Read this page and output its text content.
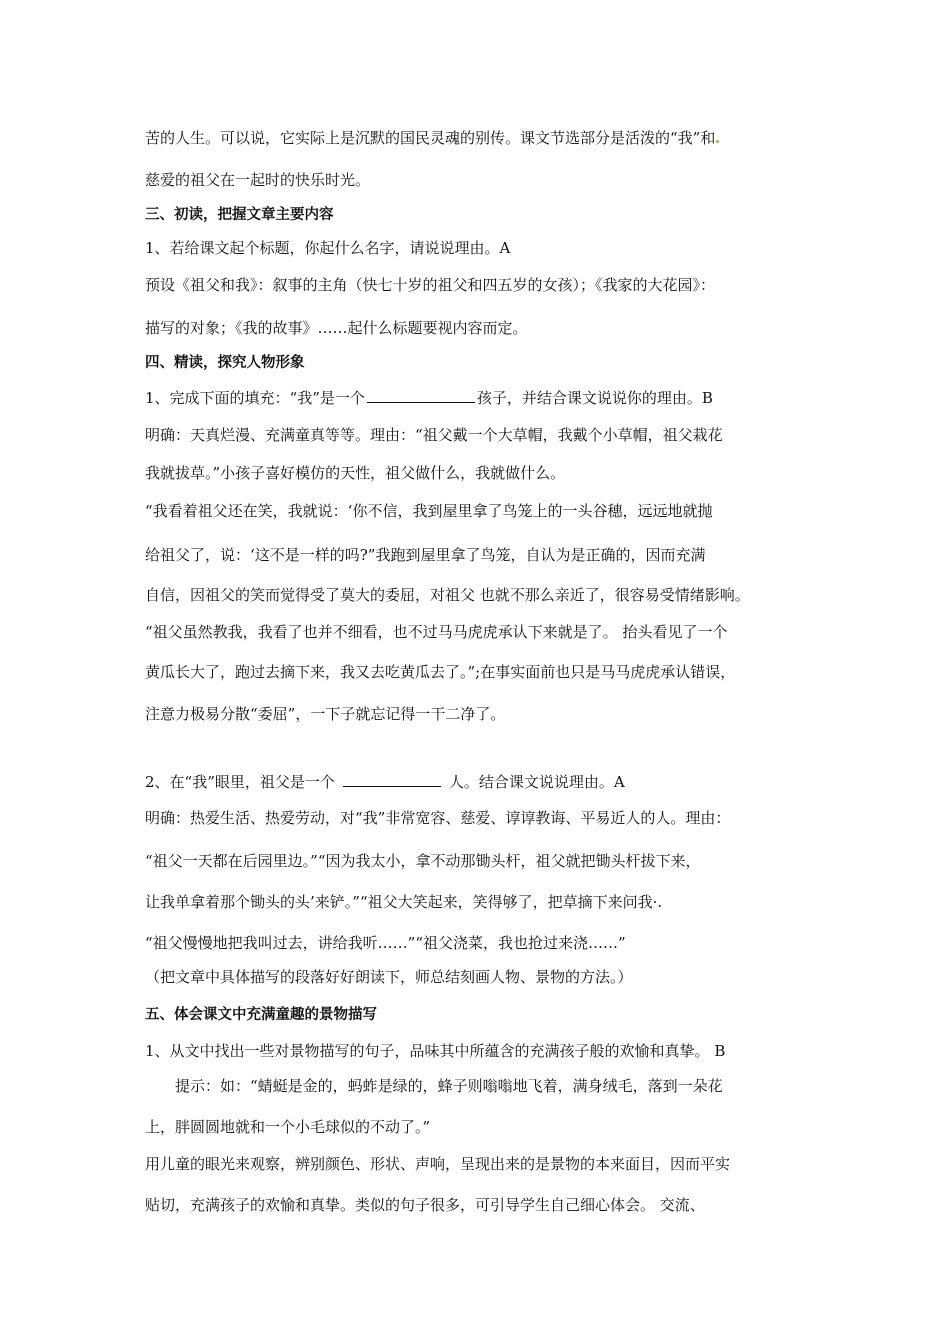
苦的人生。可以说，它实际上是沉默的国民灵魂的别传。课文节选部分是活泼的“我”和
慈爱的祖父在一起时的快乐时光。
三、初读，把握文章主要内容
1、若给课文起个标题，你起什么名字，请说说理由。A
预设《祖父和我》：叙事的主角（快七十岁的祖父和四五岁的女孩）；《我家的大花园》：
描写的对象；《我的故事》……起什么标题要视内容而定。
四、精读，探究人物形象
1、完成下面的填充：“我”是一个	孩子，并结合课文说说你的理由。B
明确：天真烂漫、充满童真等等。理由：“祖父戴一个大草帽，我戴个小草帽，祖父栽花
我就拔草。”小孩子喜好模仿的天性，祖父做什么，我就做什么。
“我看着祖父还在笑，我就说：‘你不信，我到屋里拿了鸟笼上的一头谷穗，远远地就抛
给祖父了，说：‘这不是一样的吗?”我跑到屋里拿了鸟笼，自认为是正确的，因而充满
自信，因祖父的笑而觉得受了莫大的委屈，对祖父 也就不那么亲近了，很容易受情绪影响。
“祖父虽然教我，我看了也并不细看，也不过马马虎虎承认下来就是了。 抬头看见了一个
黄瓜长大了，跑过去摘下来，我又去吃黄瓜去了。”;在事实面前也只是马马虎虎承认错误，
注意力极易分散“委屈”，一下子就忘记得一干二净了。
2、在“我”眼里，祖父是一个	人。结合课文说说理由。A
明确：热爱生活、热爱劳动，对“我”非常宽容、慈爱、谆谆教诲、平易近人的人。理由：
“祖父一天都在后园里边。”“因为我太小，拿不动那锄头杆，祖父就把锄头杆拔下来，
让我单拿着那个锄头的头’来铲。”“祖父大笑起来，笑得够了，把草摘下来问我·.
“祖父慢慢地把我叫过去，讲给我听……”“祖父浇菜，我也抢过来浇……”
（把文章中具体描写的段落好好朗读下，师总结刻画人物、景物的方法。）
五、体会课文中充满童趣的景物描写
1、从文中找出一些对景物描写的句子，品味其中所蕴含的充满孩子般的欢愉和真挚。 B
提示：如：“蜻蜓是金的，蚂蚱是绿的，蜂子则嗡嗡地飞着，满身绒毛，落到一朵花
上，胖圆圆地就和一个小毛球似的不动了。”
用儿童的眼光来观察，辨别颜色、形状、声响，呈现出来的是景物的本来面目，因而平实
贴切，充满孩子的欢愉和真挚。类似的句子很多，可引导学生自己细心体会。 交流、
